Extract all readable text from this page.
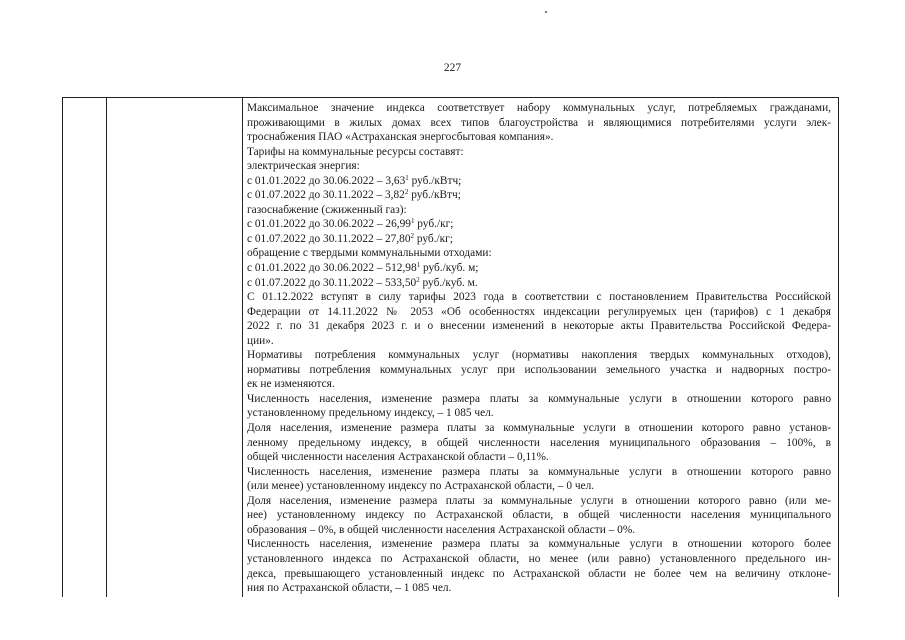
227
Максимальное значение индекса соответствует набору коммунальных услуг, потребляемых гражданами,
проживающими в жилых домах всех типов благоустройства и являющимися потребителями услуги элек-
троснабжения ПАО «Астраханская энергосбытовая компания».
Тарифы на коммунальные ресурсы составят:
электрическая энергия:
с 01.01.2022 до 30.06.2022 – 3,63$^1$ руб./кВтч;
с 01.07.2022 до 30.11.2022 – 3,82$^2$ руб./кВтч;
газоснабжение (сжиженный газ):
с 01.01.2022 до 30.06.2022 – 26,99$^1$ руб./кг;
с 01.07.2022 до 30.11.2022 – 27,80$^2$ руб./кг;
обращение с твердыми коммунальными отходами:
с 01.01.2022 до 30.06.2022 – 512,98$^1$ руб./куб. м;
с 01.07.2022 до 30.11.2022 – 533,50$^2$ руб./куб. м.
С 01.12.2022 вступят в силу тарифы 2023 года в соответствии с постановлением Правительства Российской
Федерации от 14.11.2022 № 2053 «Об особенностях индексации регулируемых цен (тарифов) с 1 декабря
2022 г. по 31 декабря 2023 г. и о внесении изменений в некоторые акты Правительства Российской Федера-
ции».
Нормативы потребления коммунальных услуг (нормативы накопления твердых коммунальных отходов),
нормативы потребления коммунальных услуг при использовании земельного участка и надворных постро-
ек не изменяются.
Численность населения, изменение размера платы за коммунальные услуги в отношении которого равно
установленному предельному индексу, – 1 085 чел.
Доля населения, изменение размера платы за коммунальные услуги в отношении которого равно установ-
ленному предельному индексу, в общей численности населения муниципального образования – 100%, в
общей численности населения Астраханской области – 0,11%.
Численность населения, изменение размера платы за коммунальные услуги в отношении которого равно
(или менее) установленному индексу по Астраханской области, – 0 чел.
Доля населения, изменение размера платы за коммунальные услуги в отношении которого равно (или ме-
нее) установленному индексу по Астраханской области, в общей численности населения муниципального
образования – 0%, в общей численности населения Астраханской области – 0%.
Численность населения, изменение размера платы за коммунальные услуги в отношении которого более
установленного индекса по Астраханской области, но менее (или равно) установленного предельного ин-
декса, превышающего установленный индекс по Астраханской области не более чем на величину отклоне-
ния по Астраханской области, – 1 085 чел.
